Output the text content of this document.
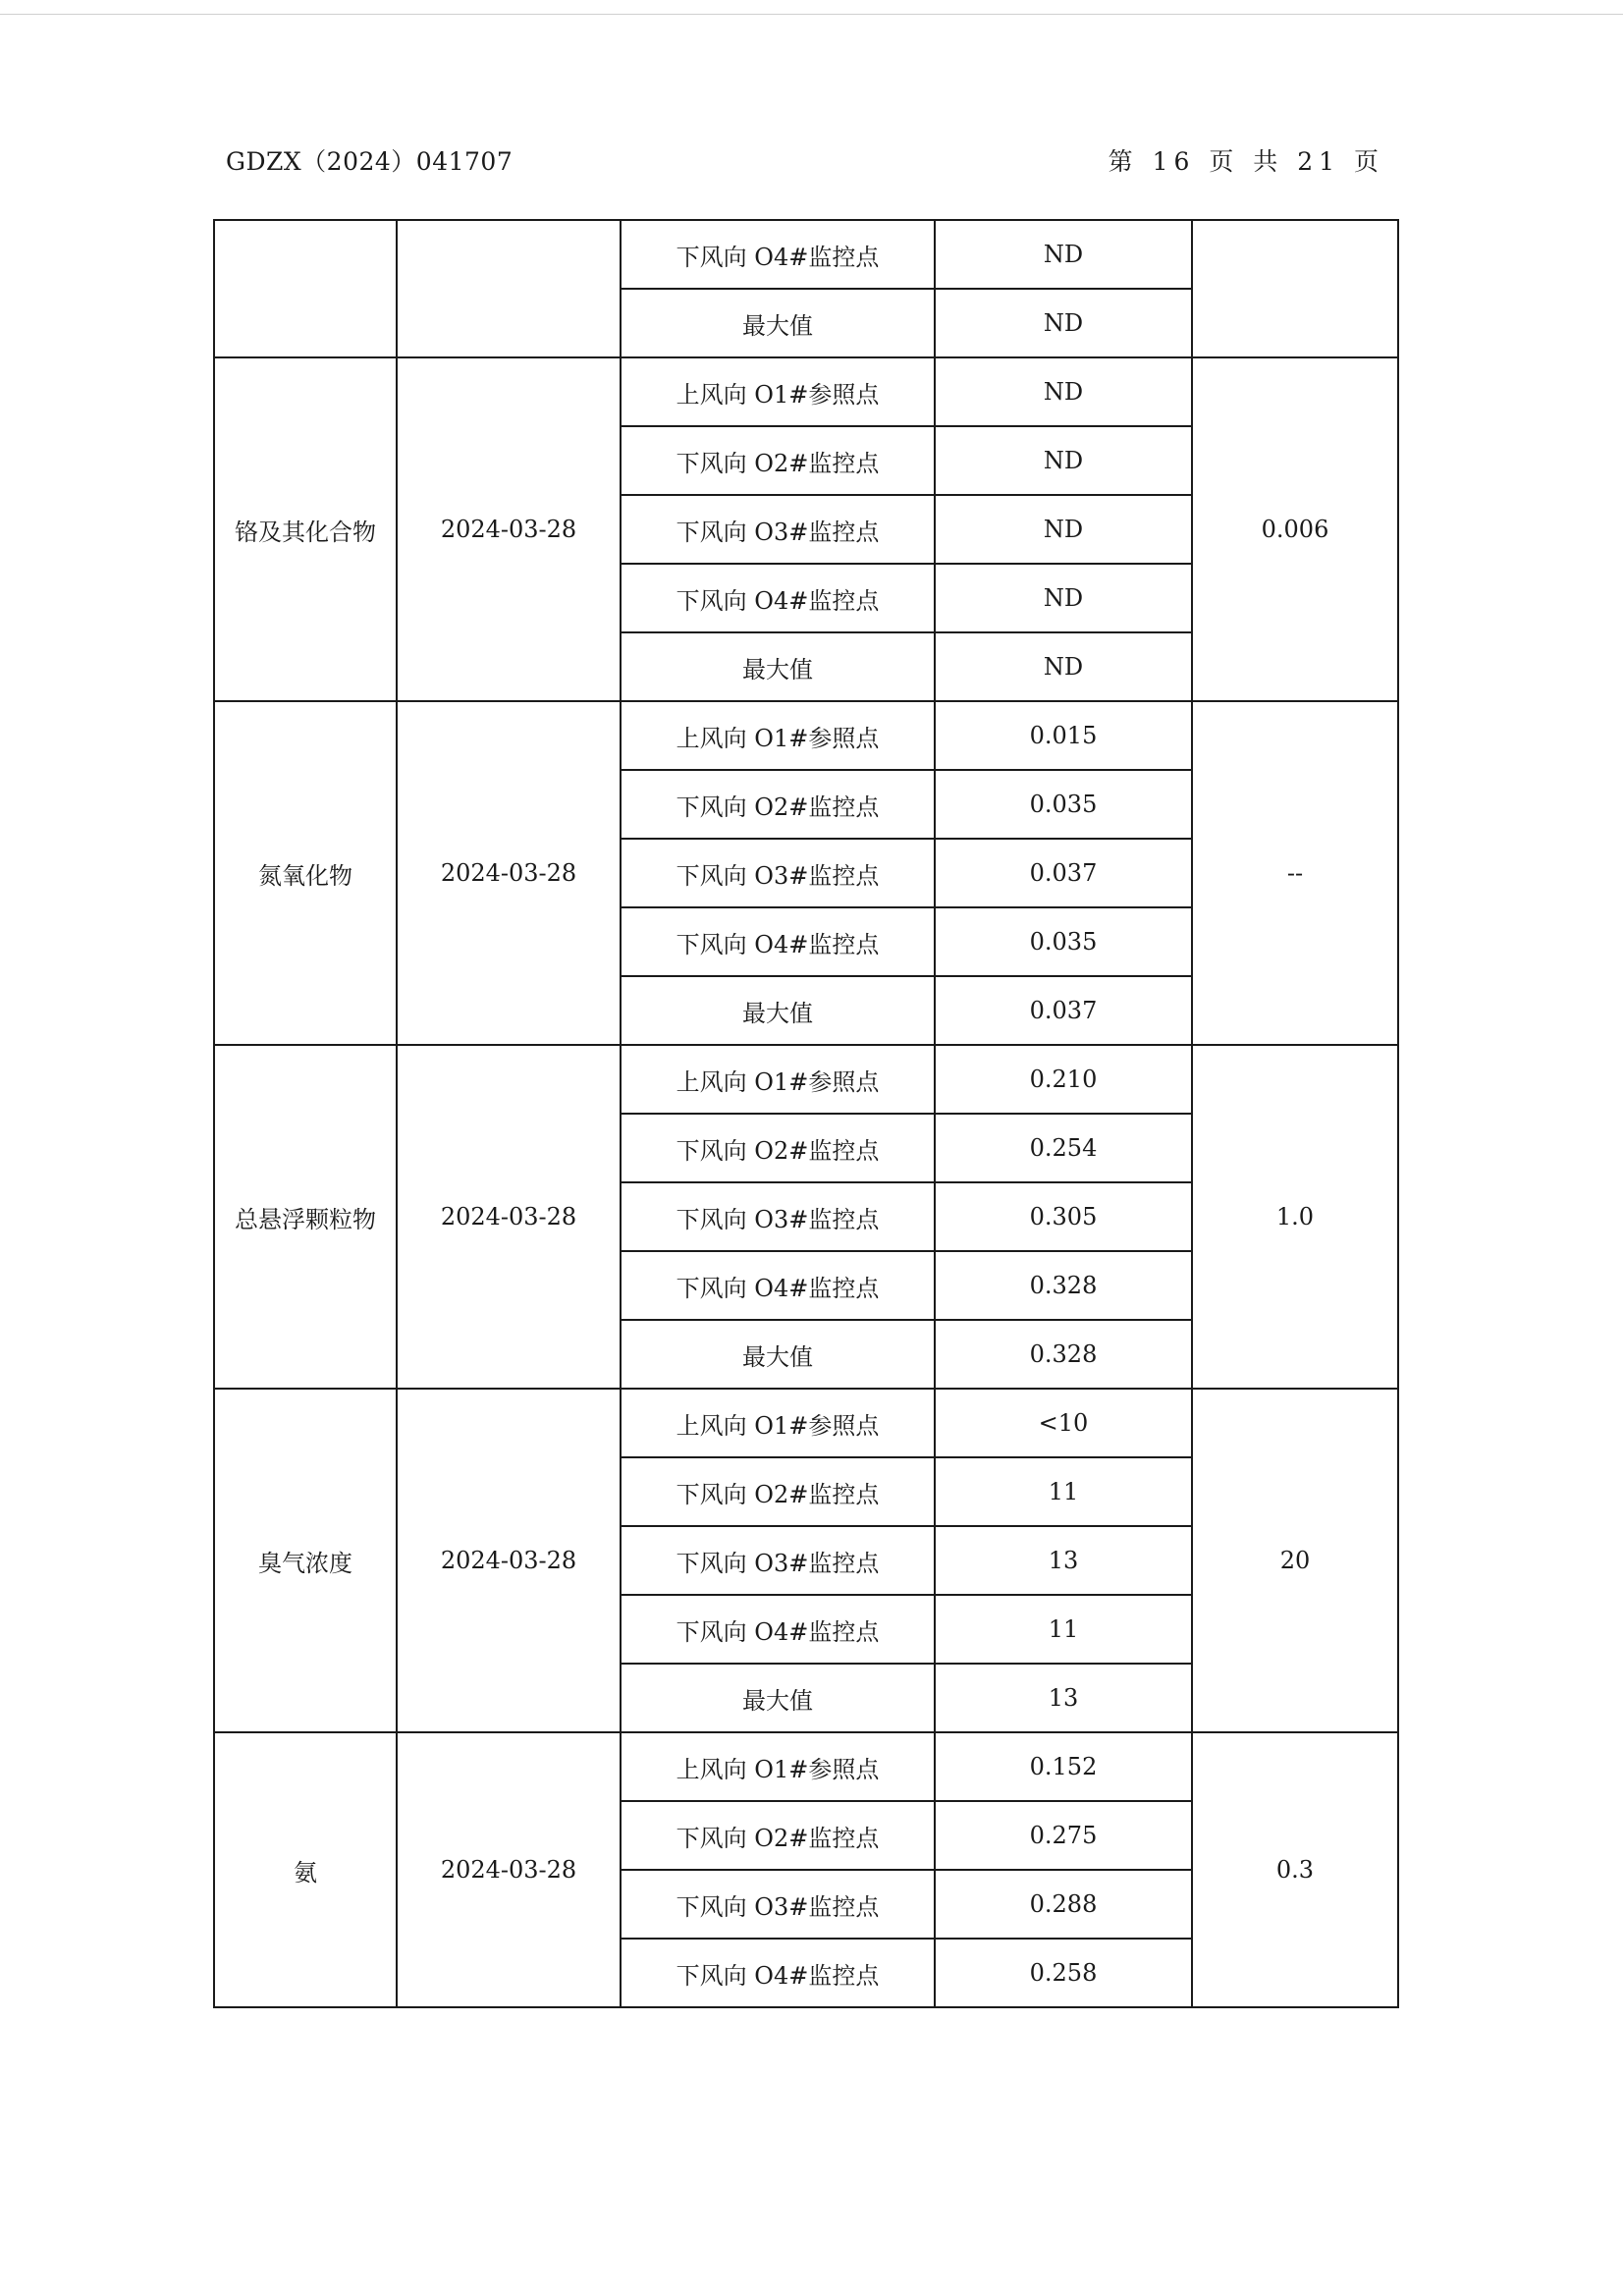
GDZX（2024）041707	第 16 页 共 21 页
		下风向 O4#监控点	ND	
		最大值	ND	
铬及其化合物	2024-03-28	上风向 O1#参照点	ND	0.006
		下风向 O2#监控点	ND	
		下风向 O3#监控点	ND	
		下风向 O4#监控点	ND	
		最大值	ND	
氮氧化物	2024-03-28	上风向 O1#参照点	0.015	--
		下风向 O2#监控点	0.035	
		下风向 O3#监控点	0.037	
		下风向 O4#监控点	0.035	
		最大值	0.037	
总悬浮颗粒物	2024-03-28	上风向 O1#参照点	0.210	1.0
		下风向 O2#监控点	0.254	
		下风向 O3#监控点	0.305	
		下风向 O4#监控点	0.328	
		最大值	0.328	
臭气浓度	2024-03-28	上风向 O1#参照点	<10	20
		下风向 O2#监控点	11	
		下风向 O3#监控点	13	
		下风向 O4#监控点	11	
		最大值	13	
氨	2024-03-28	上风向 O1#参照点	0.152	0.3
		下风向 O2#监控点	0.275	
		下风向 O3#监控点	0.288	
		下风向 O4#监控点	0.258	
